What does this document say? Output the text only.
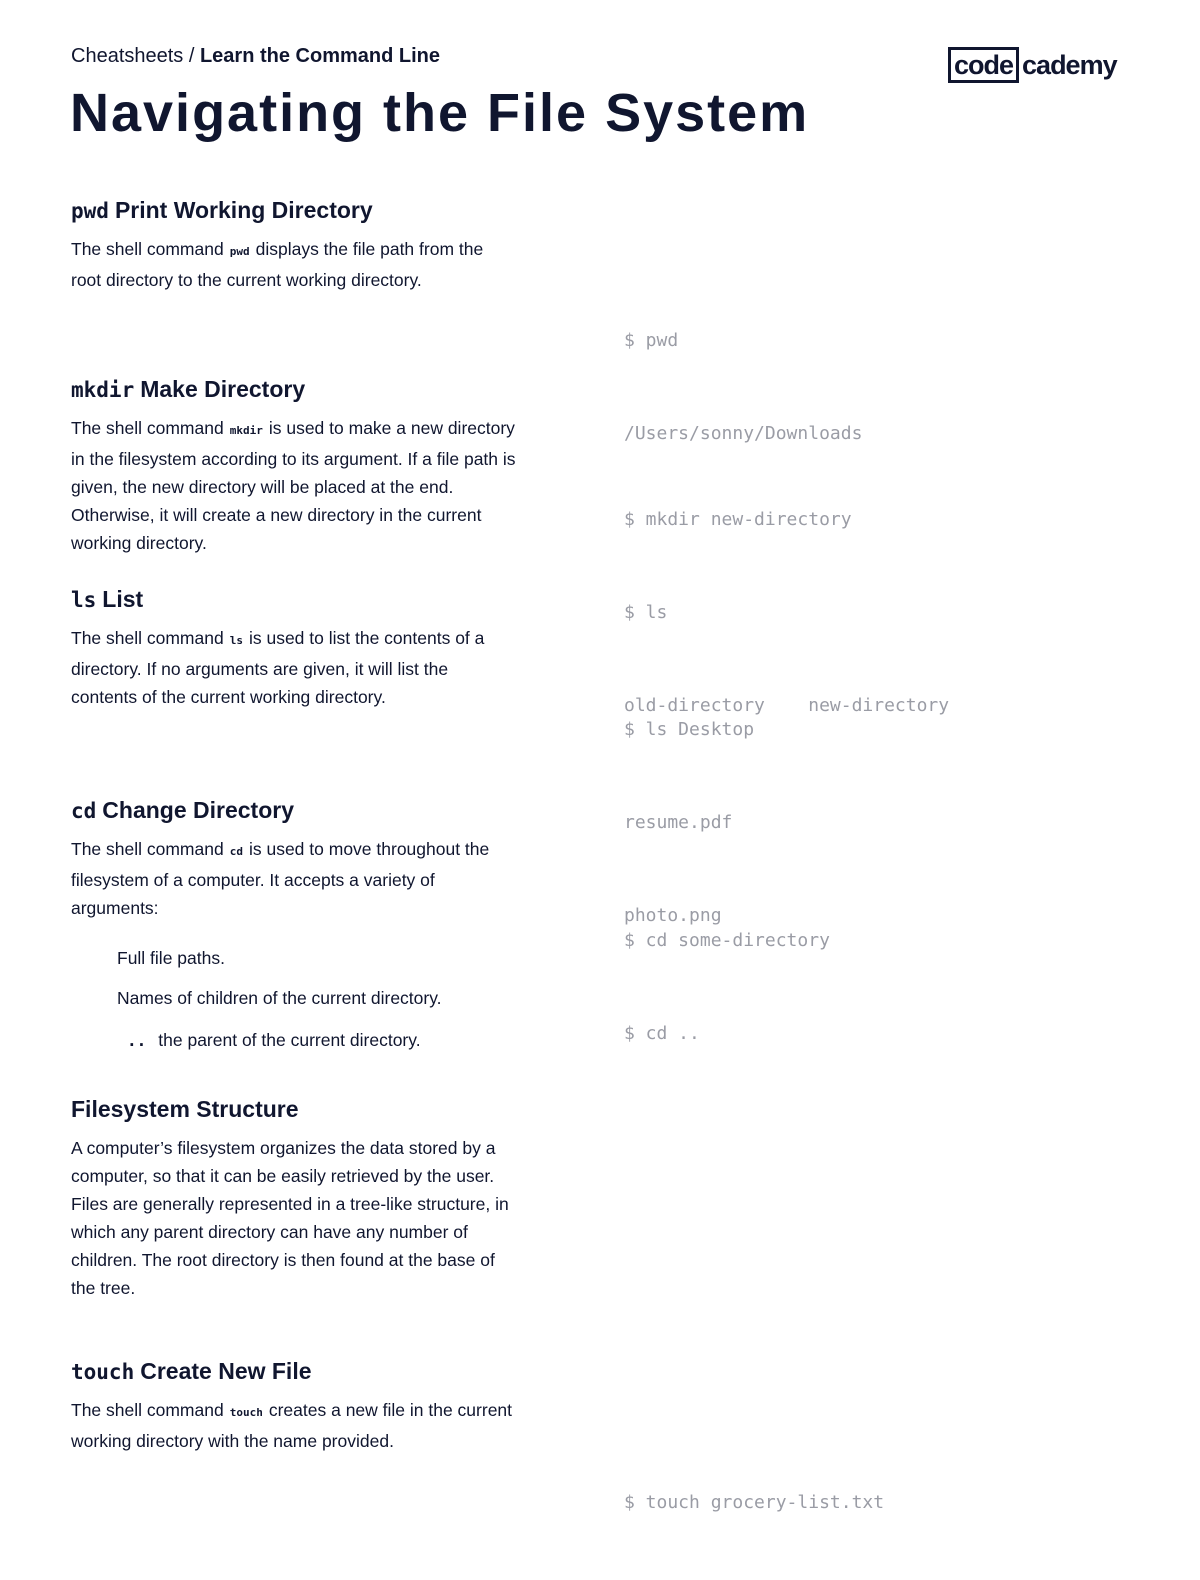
Cheatsheets / Learn the Command Line	code cademy
Navigating the File System
pwd Print Working Directory

The shell command pwd displays the file path from the root directory to the current working directory.

$ pwd

/Users/sonny/Downloads

mkdir Make Directory

The shell command mkdir is used to make a new directory in the filesystem according to its argument. If a file path is given, the new directory will be placed at the end. Otherwise, it will create a new directory in the current working directory.

$ mkdir new-directory

$ ls

old-directory    new-directory

ls List

The shell command ls is used to list the contents of a directory. If no arguments are given, it will list the contents of the current working directory.

$ ls Desktop

resume.pdf

photo.png

cd Change Directory

The shell command cd is used to move throughout the filesystem of a computer. It accepts a variety of arguments:

Full file paths.
Names of children of the current directory.
.. the parent of the current directory.

$ cd some-directory

$ cd ..

Filesystem Structure

A computer’s filesystem organizes the data stored by a computer, so that it can be easily retrieved by the user. Files are generally represented in a tree-like structure, in which any parent directory can have any number of children. The root directory is then found at the base of the tree.

touch Create New File

The shell command touch creates a new file in the current working directory with the name provided.

$ touch grocery-list.txt
